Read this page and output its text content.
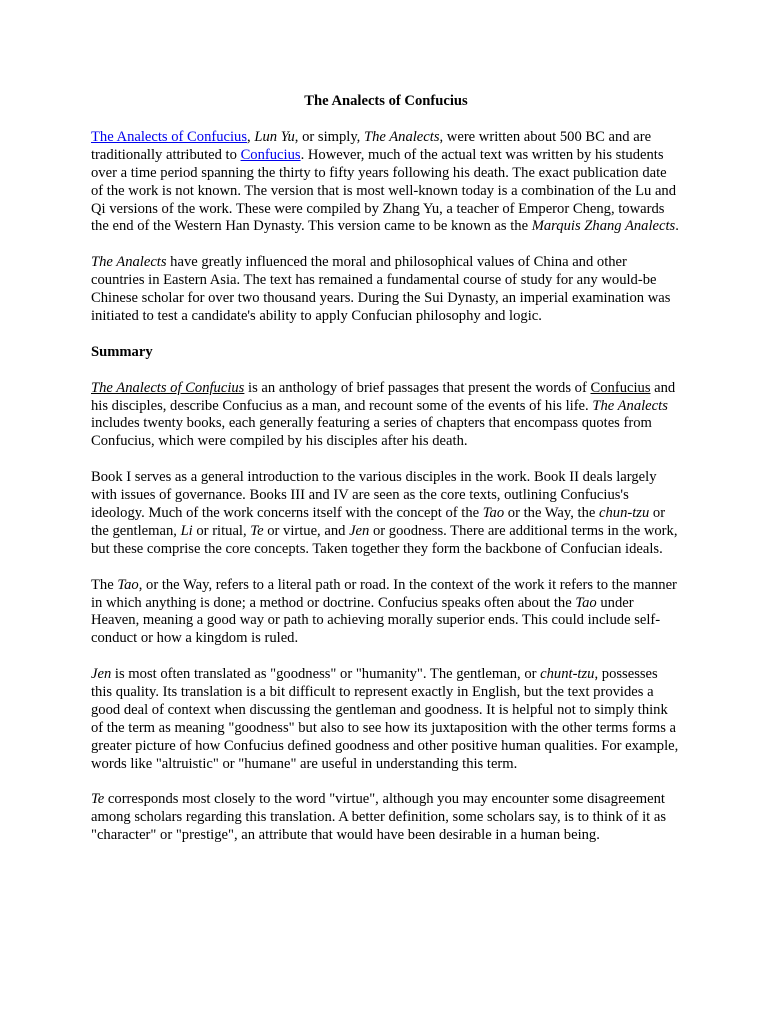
The Analects of Confucius

The Analects of Confucius, Lun Yu, or simply, The Analects, were written about 500 BC and are traditionally attributed to Confucius. However, much of the actual text was written by his students over a time period spanning the thirty to fifty years following his death. The exact publication date of the work is not known. The version that is most well-known today is a combination of the Lu and Qi versions of the work. These were compiled by Zhang Yu, a teacher of Emperor Cheng, towards the end of the Western Han Dynasty. This version came to be known as the Marquis Zhang Analects.

The Analects have greatly influenced the moral and philosophical values of China and other countries in Eastern Asia. The text has remained a fundamental course of study for any would-be Chinese scholar for over two thousand years. During the Sui Dynasty, an imperial examination was initiated to test a candidate's ability to apply Confucian philosophy and logic.

Summary

The Analects of Confucius is an anthology of brief passages that present the words of Confucius and his disciples, describe Confucius as a man, and recount some of the events of his life. The Analects includes twenty books, each generally featuring a series of chapters that encompass quotes from Confucius, which were compiled by his disciples after his death.

Book I serves as a general introduction to the various disciples in the work. Book II deals largely with issues of governance. Books III and IV are seen as the core texts, outlining Confucius's ideology. Much of the work concerns itself with the concept of the Tao or the Way, the chun-tzu or the gentleman, Li or ritual, Te or virtue, and Jen or goodness. There are additional terms in the work, but these comprise the core concepts. Taken together they form the backbone of Confucian ideals.

The Tao, or the Way, refers to a literal path or road. In the context of the work it refers to the manner in which anything is done; a method or doctrine. Confucius speaks often about the Tao under Heaven, meaning a good way or path to achieving morally superior ends. This could include self-conduct or how a kingdom is ruled.

Jen is most often translated as "goodness" or "humanity". The gentleman, or chunt-tzu, possesses this quality. Its translation is a bit difficult to represent exactly in English, but the text provides a good deal of context when discussing the gentleman and goodness. It is helpful not to simply think of the term as meaning "goodness" but also to see how its juxtaposition with the other terms forms a greater picture of how Confucius defined goodness and other positive human qualities. For example, words like "altruistic" or "humane" are useful in understanding this term.

Te corresponds most closely to the word "virtue", although you may encounter some disagreement among scholars regarding this translation. A better definition, some scholars say, is to think of it as "character" or "prestige", an attribute that would have been desirable in a human being.
